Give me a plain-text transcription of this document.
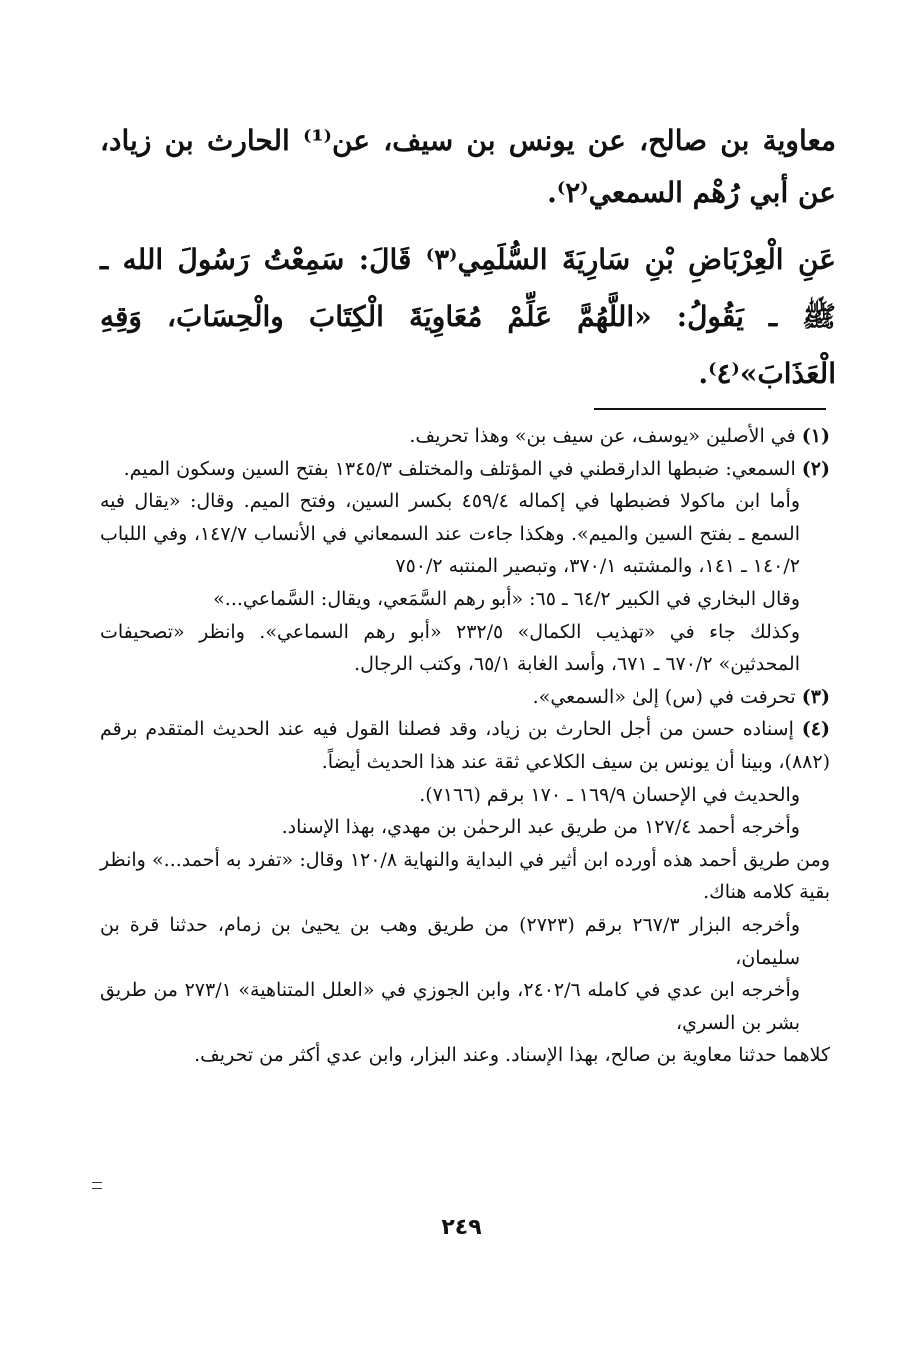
معاوية بن صالح، عن يونس بن سيف، عن⁽¹⁾ الحارث بن زياد، عن أبي رُهْم السمعي⁽٢⁾.

عَنِ الْعِرْبَاضِ بْنِ سَارِيَةَ السُّلَمِي⁽٣⁾ قَالَ: سَمِعْتُ رَسُولَ الله ـ ﷺ ـ يَقُولُ: «اللَّهُمَّ عَلِّمْ مُعَاوِيَةَ الْكِتَابَ والْحِسَابَ، وَقِهِ الْعَذَابَ»⁽٤⁾.

(١) في الأصلين «يوسف، عن سيف بن» وهذا تحريف.

(٢) السمعي: ضبطها الدارقطني في المؤتلف والمختلف ١٣٤٥/٣ بفتح السين وسكون الميم.

وأما ابن ماكولا فضبطها في إكماله ٤٥٩/٤ بكسر السين، وفتح الميم. وقال: «يقال فيه السمع ـ بفتح السين والميم». وهكذا جاءت عند السمعاني في الأنساب ١٤٧/٧، وفي اللباب ١٤٠/٢ ـ ١٤١، والمشتبه ٣٧٠/١، وتبصير المنتبه ٧٥٠/٢

وقال البخاري في الكبير ٦٤/٢ ـ ٦٥: «أبو رهم السَّمَعي، ويقال: السَّماعي...»

وكذلك جاء في «تهذيب الكمال» ٢٣٢/٥ «أبو رهم السماعي». وانظر «تصحيفات المحدثين» ٦٧٠/٢ ـ ٦٧١، وأسد الغابة ٦٥/١، وكتب الرجال.

(٣) تحرفت في (س) إلىٰ «السمعي».

(٤) إسناده حسن من أجل الحارث بن زياد، وقد فصلنا القول فيه عند الحديث المتقدم برقم (٨٨٢)، وبينا أن يونس بن سيف الكلاعي ثقة عند هذا الحديث أيضاً.

والحديث في الإحسان ١٦٩/٩ ـ ١٧٠ برقم (٧١٦٦).

وأخرجه أحمد ١٢٧/٤ من طريق عبد الرحمٰن بن مهدي، بهذا الإسناد.

ومن طريق أحمد هذه أورده ابن أثير في البداية والنهاية ١٢٠/٨ وقال: «تفرد به أحمد...» وانظر بقية كلامه هناك.

وأخرجه البزار ٢٦٧/٣ برقم (٢٧٢٣) من طريق وهب بن يحيىٰ بن زمام، حدثنا قرة بن سليمان،

وأخرجه ابن عدي في كامله ٢٤٠٢/٦، وابن الجوزي في «العلل المتناهية» ٢٧٣/١ من طريق بشر بن السري،

كلاهما حدثنا معاوية بن صالح، بهذا الإسناد. وعند البزار، وابن عدي أكثر من تحريف.

٢٤٩
